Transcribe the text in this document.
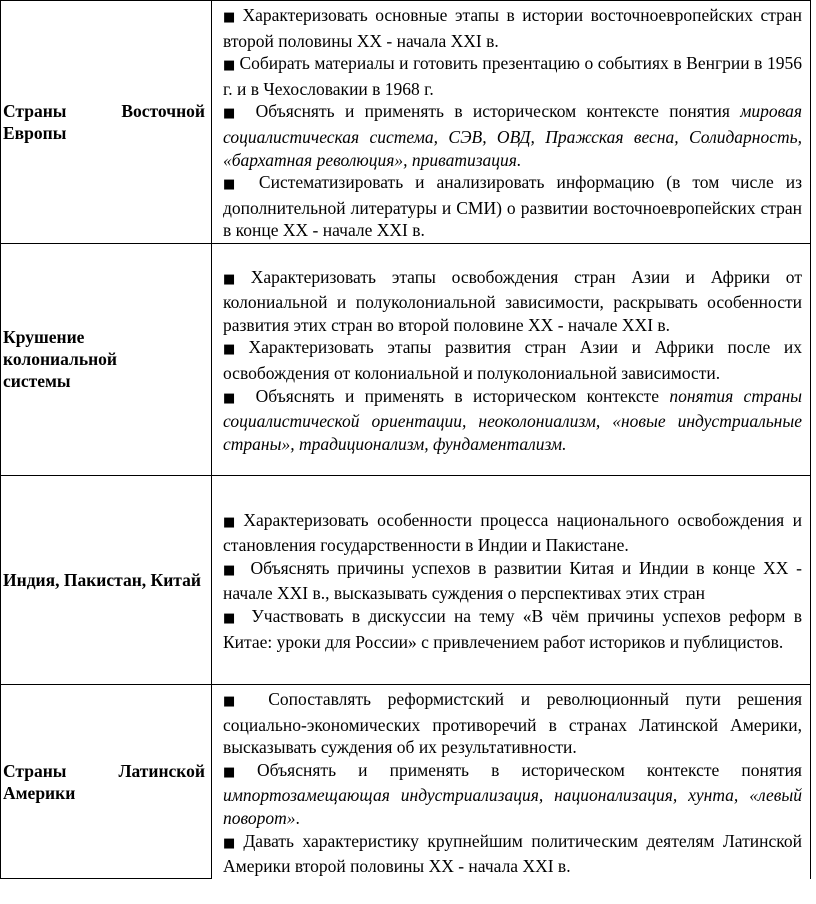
Страны Восточной Европы	■ Характеризовать основные этапы в истории восточноевропейских стран второй половины XX - начала XXI в.

■ Собирать материалы и готовить презентацию о событиях в Венгрии в 1956 г. и в Чехословакии в 1968 г.

■ Объяснять и применять в историческом контексте понятия мировая социалистическая система, СЭВ, ОВД, Пражская весна, Солидарность, «бархатная революция», приватизация.

■ Систематизировать и анализировать информацию (в том числе из дополнительной литературы и СМИ) о развитии восточноевропейских стран в конце XX - начале XXI в.

Крушение колониальной системы	■ Характеризовать этапы освобождения стран Азии и Африки от колониальной и полуколониальной зависимости, раскрывать особенности развития этих стран во второй половине XX - начале XXI в.

■ Характеризовать этапы развития стран Азии и Африки после их освобождения от колониальной и полуколониальной зависимости.

■ Объяснять и применять в историческом контексте понятия страны социалистической ориентации, неоколониализм, «новые индустриальные страны», традиционализм, фундаментализм.

Индия, Пакистан, Китай	■ Характеризовать особенности процесса национального освобождения и становления государственности в Индии и Пакистане.

■ Объяснять причины успехов в развитии Китая и Индии в конце XX - начале XXI в., высказывать суждения о перспективах этих стран

■ Участвовать в дискуссии на тему «В чём причины успехов реформ в Китае: уроки для России» с привлечением работ историков и публицистов.

Страны Латинской Америки	■ Сопоставлять реформистский и революционный пути решения социально-экономических противоречий в странах Латинской Америки, высказывать суждения об их результативности.

■ Объяснять и применять в историческом контексте понятия импортозамещающая индустриализация, национализация, хунта, «левый поворот».

■ Давать характеристику крупнейшим политическим деятелям Латинской Америки второй половины XX - начала XXI в.
